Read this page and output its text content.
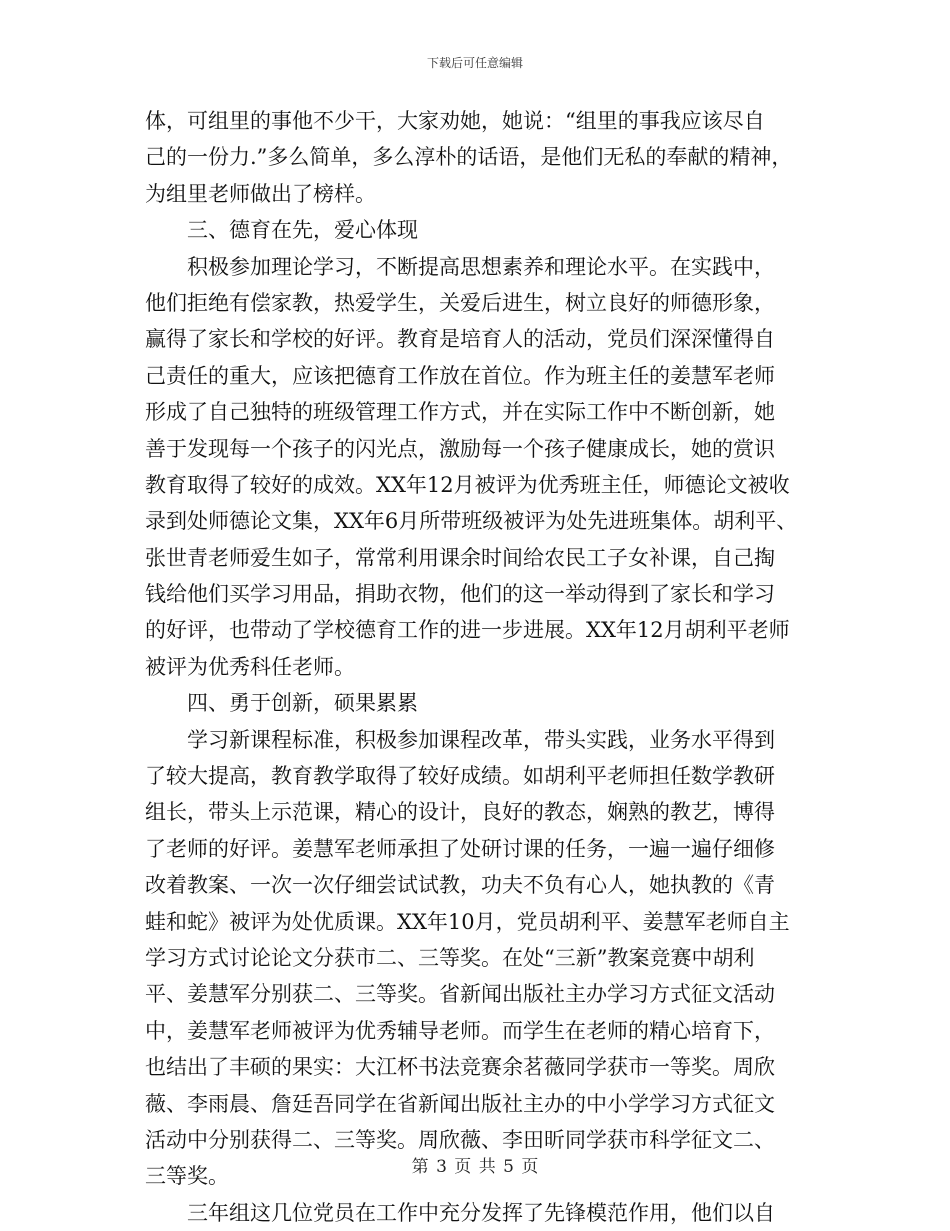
下载后可任意编辑
体，可组里的事他不少干，大家劝她，她说：“组里的事我应该尽自
己的一份力.”多么简单，多么淳朴的话语，是他们无私的奉献的精神，
为组里老师做出了榜样。
三、德育在先，爱心体现
积极参加理论学习，不断提高思想素养和理论水平。在实践中，
他们拒绝有偿家教，热爱学生，关爱后进生，树立良好的师德形象，
赢得了家长和学校的好评。教育是培育人的活动，党员们深深懂得自
己责任的重大，应该把德育工作放在首位。作为班主任的姜慧军老师
形成了自己独特的班级管理工作方式，并在实际工作中不断创新，她
善于发现每一个孩子的闪光点，激励每一个孩子健康成长，她的赏识
教育取得了较好的成效。XX年12月被评为优秀班主任，师德论文被收
录到处师德论文集，XX年6月所带班级被评为处先进班集体。胡利平、
张世青老师爱生如子，常常利用课余时间给农民工子女补课，自己掏
钱给他们买学习用品，捐助衣物，他们的这一举动得到了家长和学习
的好评，也带动了学校德育工作的进一步进展。XX年12月胡利平老师
被评为优秀科任老师。
四、勇于创新，硕果累累
学习新课程标准，积极参加课程改革，带头实践，业务水平得到
了较大提高，教育教学取得了较好成绩。如胡利平老师担任数学教研
组长，带头上示范课，精心的设计，良好的教态，娴熟的教艺，博得
了老师的好评。姜慧军老师承担了处研讨课的任务，一遍一遍仔细修
改着教案、一次一次仔细尝试试教，功夫不负有心人，她执教的《青
蛙和蛇》被评为处优质课。XX年10月，党员胡利平、姜慧军老师自主
学习方式讨论论文分获市二、三等奖。在处“三新”教案竞赛中胡利
平、姜慧军分别获二、三等奖。省新闻出版社主办学习方式征文活动
中，姜慧军老师被评为优秀辅导老师。而学生在老师的精心培育下，
也结出了丰硕的果实：大江杯书法竞赛余茗薇同学获市一等奖。周欣
薇、李雨晨、詹廷吾同学在省新闻出版社主办的中小学学习方式征文
活动中分别获得二、三等奖。周欣薇、李田昕同学获市科学征文二、
三等奖。
三年组这几位党员在工作中充分发挥了先锋模范作用，他们以自
第 3 页 共 5 页
